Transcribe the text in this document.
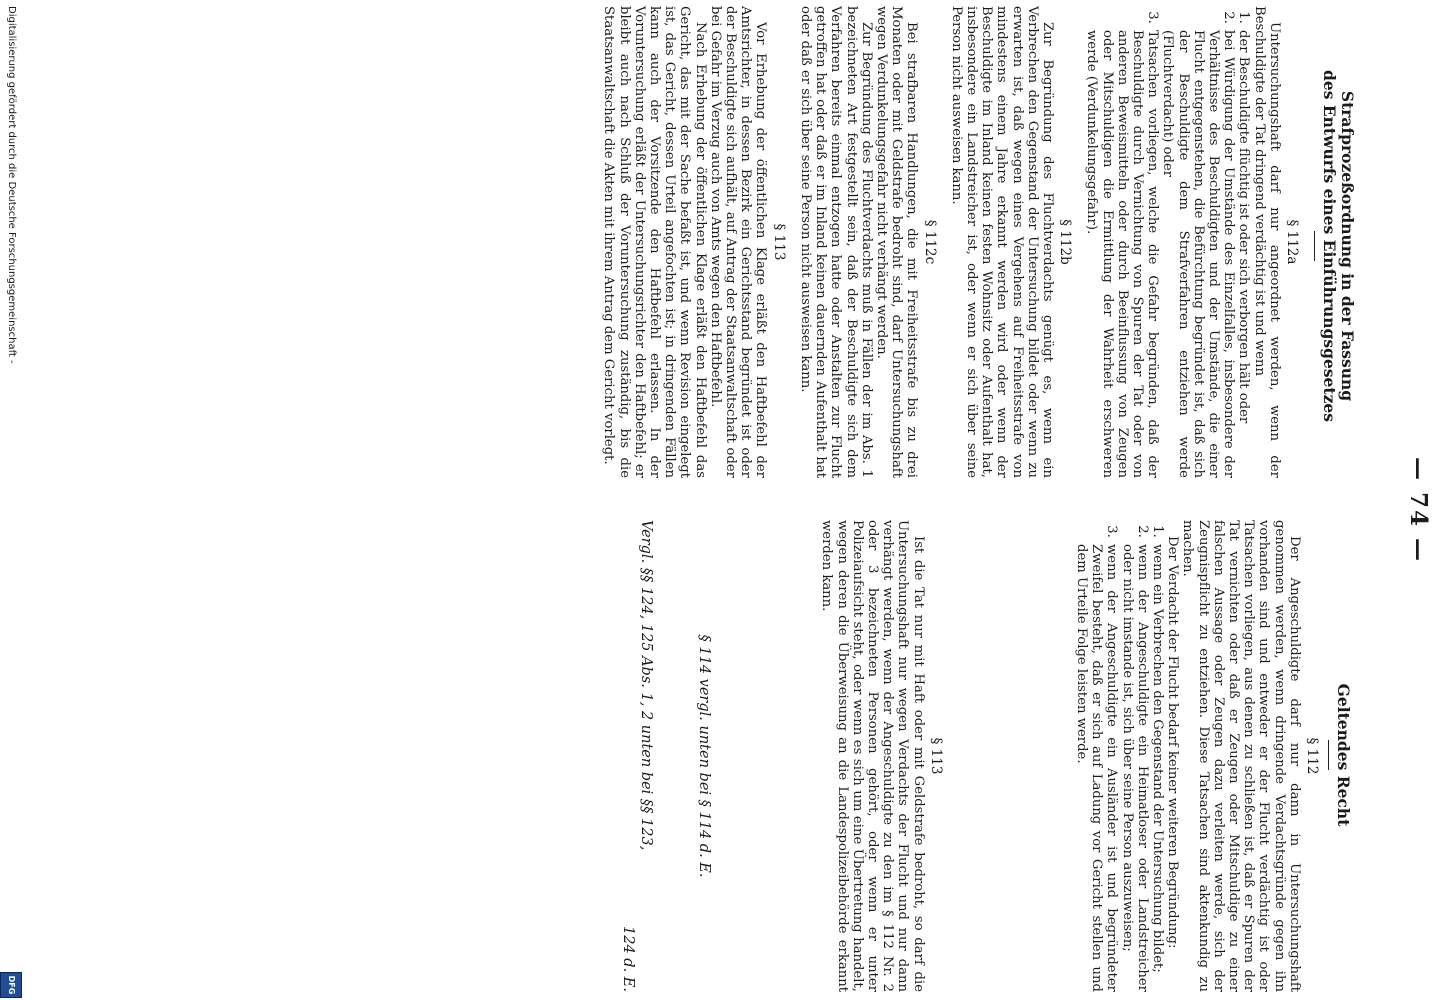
— 74 —
Geltendes Recht
§ 112

Der Angeschuldigte darf nur dann in Untersuchungshaft genommen werden, wenn dringende Verdachtsgründe gegen ihn vorhanden sind und entweder er der Flucht verdächtig ist oder Tatsachen vorliegen, aus denen zu schließen ist, daß er Spuren der Tat vernichten oder daß er Zeugen oder Mitschuldige zu einer falschen Aussage oder Zeugen dazu verleiten werde, sich der Zeugnispflicht zu entziehen. Diese Tatsachen sind aktenkundig zu machen.

Der Verdacht der Flucht bedarf keiner weiteren Begründung:

1. wenn ein Verbrechen den Gegenstand der Untersuchung bildet;
2. wenn der Angeschuldigte ein Heimatloser oder Landstreicher oder nicht imstande ist, sich über seine Person auszuweisen;
3. wenn der Angeschuldigte ein Ausländer ist und begründeter Zweifel besteht, daß er sich auf Ladung vor Gericht stellen und dem Urteile Folge leisten werde.
§ 113

Ist die Tat nur mit Haft oder mit Geldstrafe bedroht, so darf die Untersuchungshaft nur wegen Verdachts der Flucht und nur dann verhängt werden, wenn der Angeschuldigte zu den im § 112 Nr. 2 oder 3 bezeichneten Personen gehört, oder wenn er unter Polizeiaufsicht steht, oder wenn es sich um eine Übertretung handelt, wegen deren die Überweisung an die Landespolizeibehörde erkannt werden kann.

§ 114 vergl. unten bei § 114 d. E.
Vergl. §§ 124, 125 Abs. 1, 2 unten bei §§ 123,
124 d. E.
Strafprozeßordnung in der Fassung
des Entwurfs eines Einführungsgesetzes
§ 112a

Untersuchungshaft darf nur angeordnet werden, wenn der Beschuldigte der Tat dringend verdächtig ist und wenn

1. der Beschuldigte flüchtig ist oder sich verborgen hält oder
2. bei Würdigung der Umstände des Einzelfalles, insbesondere der Verhältnisse des Beschuldigten und der Umstände, die einer Flucht entgegenstehen, die Befürchtung begründet ist, daß sich der Beschuldigte dem Strafverfahren entziehen werde (Fluchtverdacht) oder
3. Tatsachen vorliegen, welche die Gefahr begründen, daß der Beschuldigte durch Vernichtung von Spuren der Tat oder von anderen Beweismitteln oder durch Beeinflussung von Zeugen oder Mitschuldigen die Ermittlung der Wahrheit erschweren werde (Verdunkelungsgefahr).
§ 112b

Zur Begründung des Fluchtverdachts genügt es, wenn ein Verbrechen den Gegenstand der Untersuchung bildet oder wenn zu erwarten ist, daß wegen eines Vergehens auf Freiheitsstrafe von mindestens einem Jahre erkannt werden wird oder wenn der Beschuldigte im Inland keinen festen Wohnsitz oder Aufenthalt hat, insbesondere ein Landstreicher ist, oder wenn er sich über seine Person nicht ausweisen kann.

§ 112c

Bei strafbaren Handlungen, die mit Freiheitsstrafe bis zu drei Monaten oder mit Geldstrafe bedroht sind, darf Untersuchungshaft wegen Verdunkelungsgefahr nicht verhängt werden.

Zur Begründung des Fluchtverdachts muß in Fällen der im Abs. 1 bezeichneten Art festgestellt sein, daß der Beschuldigte sich dem Verfahren bereits einmal entzogen hatte oder Anstalten zur Flucht getroffen hat oder daß er im Inland keinen dauernden Aufenthalt hat oder daß er sich über seine Person nicht ausweisen kann.

§ 113

Vor Erhebung der öffentlichen Klage erläßt den Haftbefehl der Amtsrichter, in dessen Bezirk ein Gerichtsstand begründet ist oder der Beschuldigte sich aufhält, auf Antrag der Staatsanwaltschaft oder bei Gefahr im Verzug auch von Amts wegen den Haftbefehl.

Nach Erhebung der öffentlichen Klage erläßt den Haftbefehl das Gericht, das mit der Sache befaßt ist, und wenn Revision eingelegt ist, das Gericht, dessen Urteil angefochten ist; in dringenden Fällen kann auch der Vorsitzende den Haftbefehl erlassen. In der Voruntersuchung erläßt der Untersuchungsrichter den Haftbefehl; er bleibt auch nach Schluß der Voruntersuchung zuständig, bis die Staatsanwaltschaft die Akten mit ihrem Antrag dem Gericht vorlegt.

Digitalisierung gefördert durch die Deutsche Forschungsgemeinschaft -
DFG
